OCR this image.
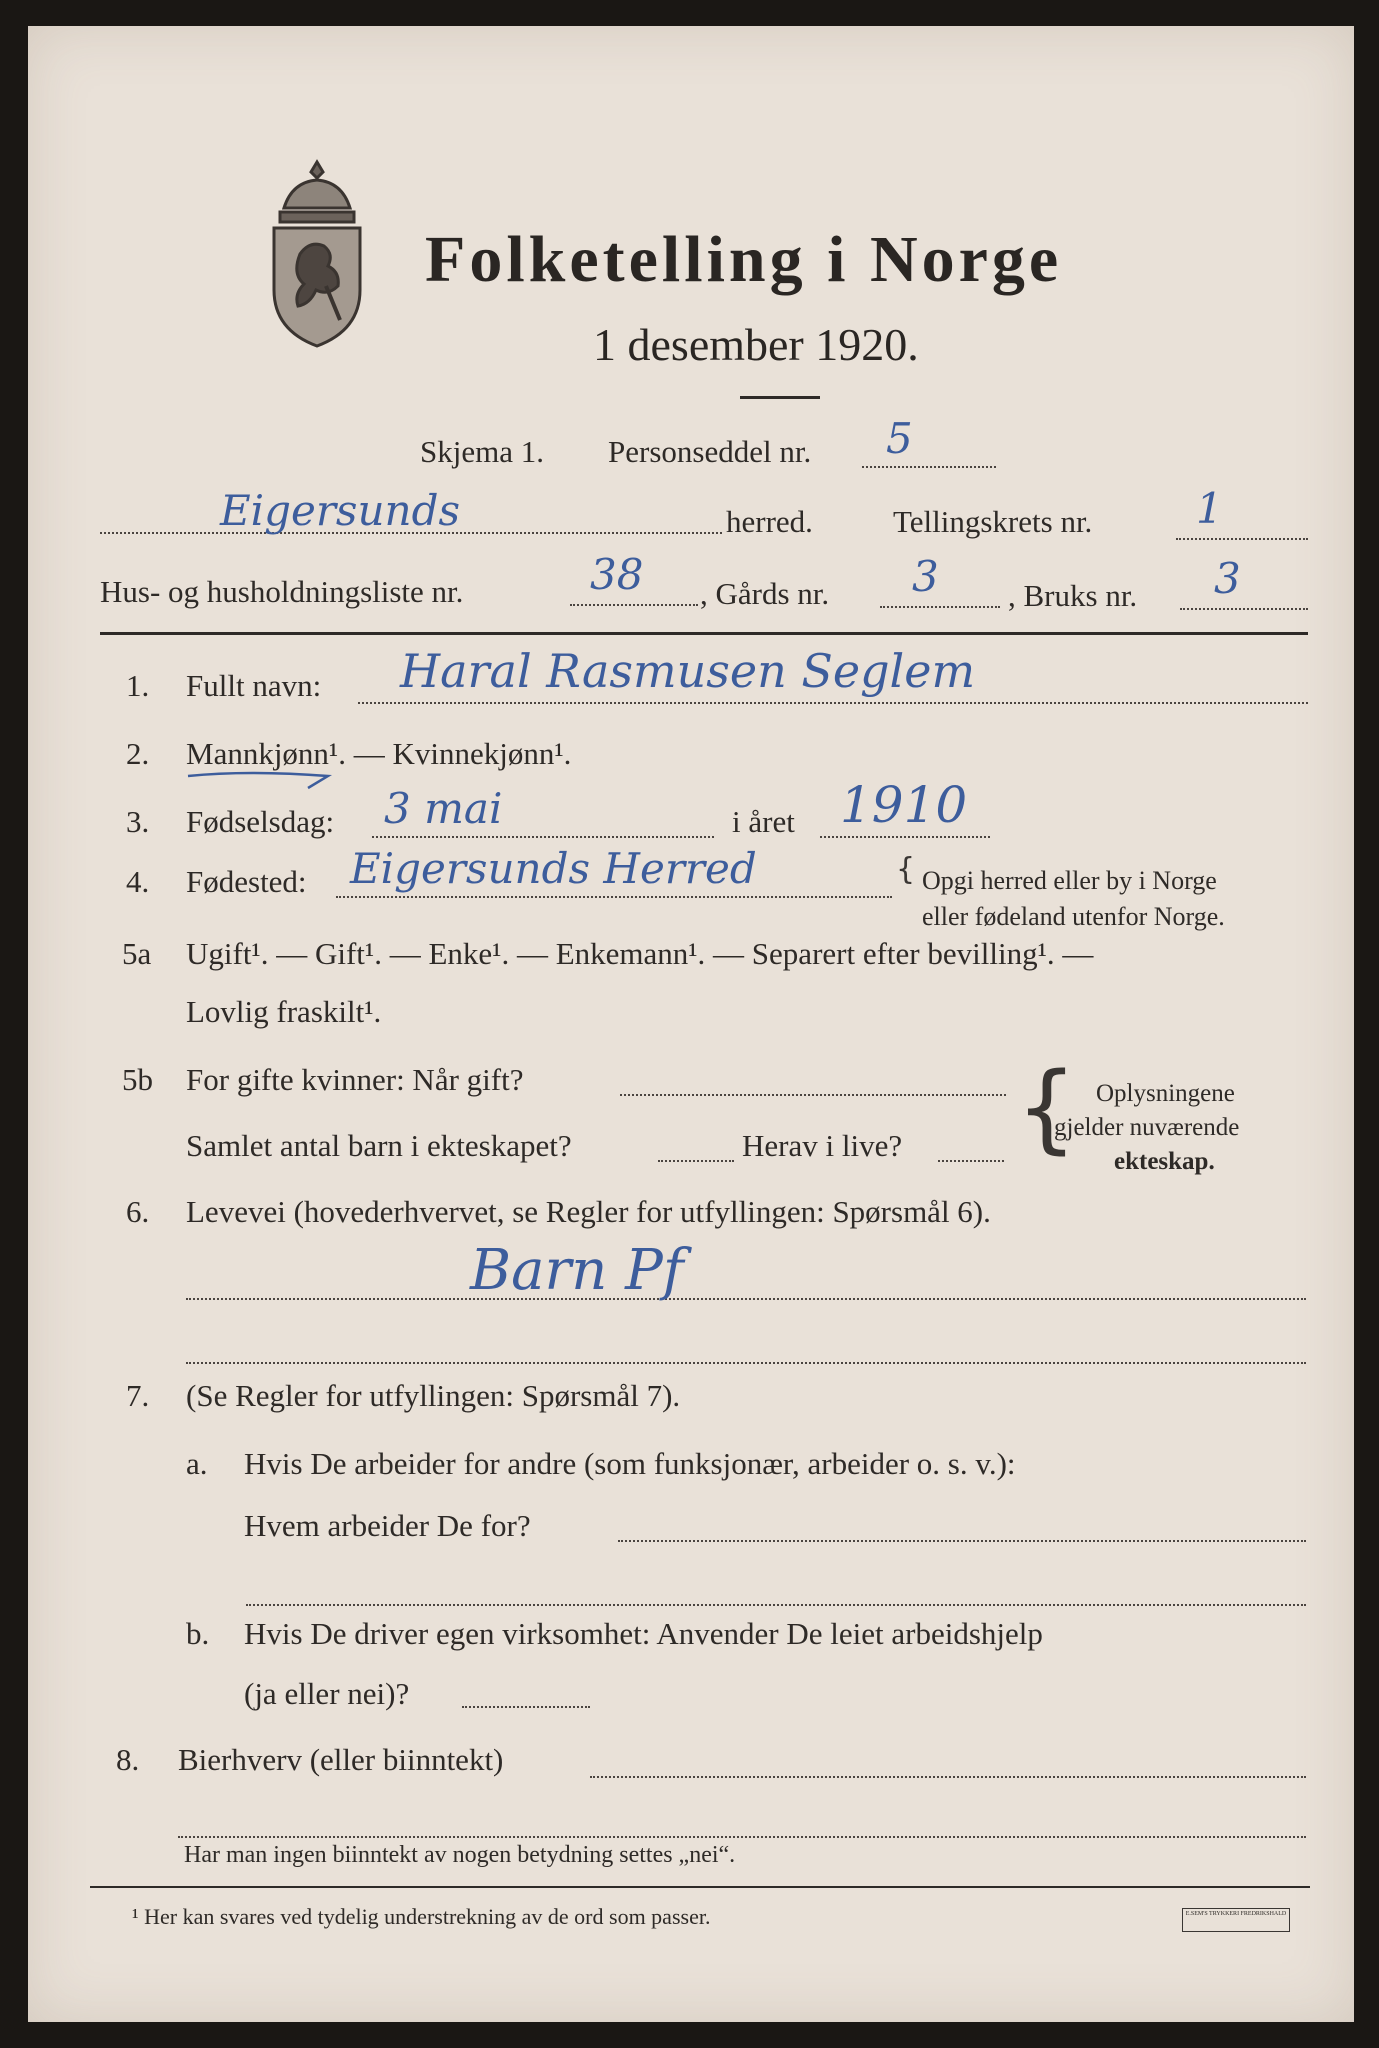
Folketelling i Norge
1 desember 1920.
Skjema 1. Personseddel nr. 5
Eigersunds	herred.	Tellingskrets nr. 1
Hus- og husholdningsliste nr.	38 , Gårds nr. 3 , Bruks nr. 3
1. Fullt navn: Haral Rasmusen Seglem
2. Mannkjønn¹. — Kvinnekjønn¹.
3. Fødselsdag: 3 mai	i året 1910
4. Fødested: Eigersunds Herred	{ Opgi herred eller by i Norge
eller fødeland utenfor Norge.
5a Ugift¹. — Gift¹. — Enke¹. — Enkemann¹. — Separert efter bevilling¹. —
Lovlig fraskilt¹.
5b For gifte kvinner: Når gift?
Samlet antal barn i ekteskapet?	Herav i live? { Oplysningene
gjelder nuværende
ekteskap.
6. Levevei (hovederhvervet, se Regler for utfyllingen: Spørsmål 6).
Barn Pf
7. (Se Regler for utfyllingen: Spørsmål 7).
a. Hvis De arbeider for andre (som funksjonær, arbeider o. s. v.):
Hvem arbeider De for?
b. Hvis De driver egen virksomhet: Anvender De leiet arbeidshjelp
(ja eller nei)?
8. Bierhverv (eller biinntekt)
Har man ingen biinntekt av nogen betydning settes „nei“.
¹ Her kan svares ved tydelig understrekning av de ord som passer.	E.SEM'S TRYKKERI FREDRIKSHALD
